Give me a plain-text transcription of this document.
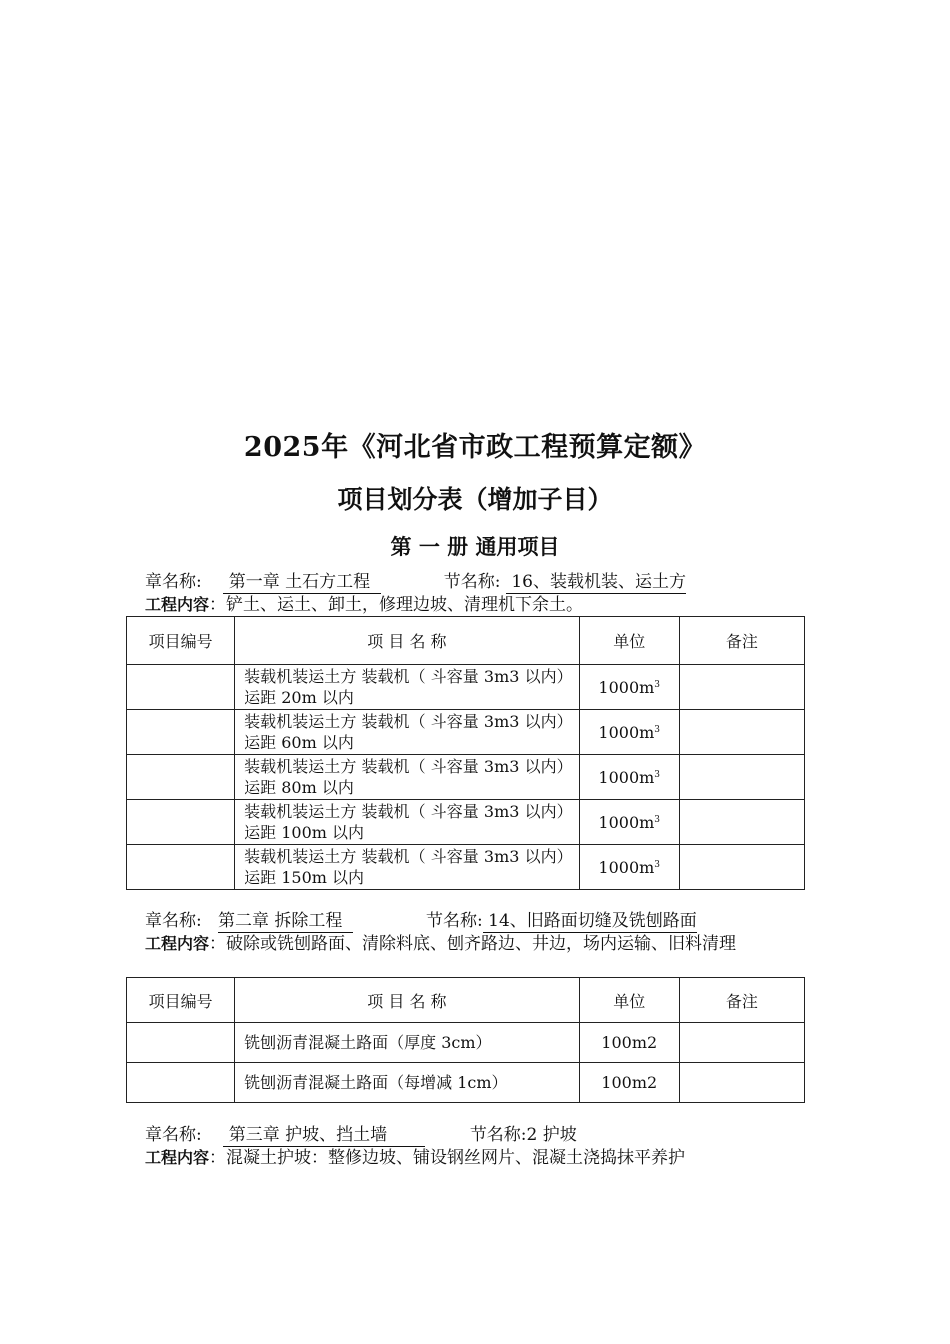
2025年《河北省市政工程预算定额》
项目划分表（增加子目）
第 一 册 通用项目
章名称: 第一章 土石方工程	节名称: 16、装载机装、运土方
工程内容：铲土、运土、卸土，修理边坡、清理机下余土。
项目编号	项 目 名 称	单位	备注
	装载机装运土方 装载机（ 斗容量 3m3 以内）运距 20m 以内	$1000m^3$	
	装载机装运土方 装载机（ 斗容量 3m3 以内）运距 60m 以内	$1000m^3$	
	装载机装运土方 装载机（ 斗容量 3m3 以内）运距 80m 以内	$1000m^3$	
	装载机装运土方 装载机（ 斗容量 3m3 以内）运距 100m 以内	$1000m^3$	
	装载机装运土方 装载机（ 斗容量 3m3 以内）运距 150m 以内	$1000m^3$	
章名称: 第二章 拆除工程	节名称: 14、旧路面切缝及铣刨路面
工程内容：破除或铣刨路面、清除料底、刨齐路边、井边，场内运输、旧料清理
项目编号	项 目 名 称	单位	备注
	铣刨沥青混凝土路面（厚度 3cm）	100m2	
	铣刨沥青混凝土路面（每增减 1cm）	100m2	
章名称: 第三章 护坡、挡土墙	节名称:2 护坡
工程内容：混凝土护坡：整修边坡、铺设钢丝网片、混凝土浇捣抹平养护
